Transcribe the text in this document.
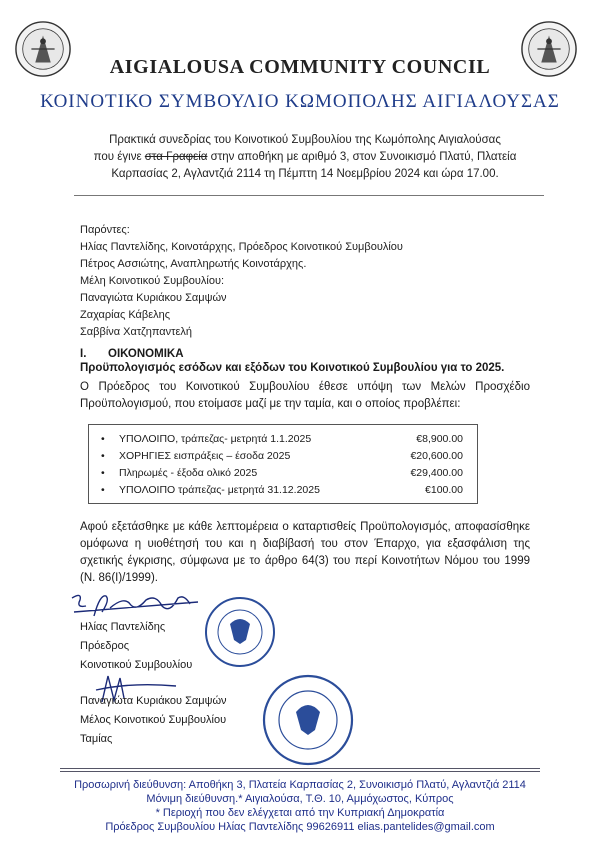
AIGIALOUSA COMMUNITY COUNCIL
ΚΟΙΝΟΤΙΚΟ ΣΥΜΒΟΥΛΙΟ ΚΩΜΟΠΟΛΗΣ ΑΙΓΙΑΛΟΥΣΑΣ
Πρακτικά συνεδρίας του Κοινοτικού Συμβουλίου της Κωμόπολης Αιγιαλούσας
που έγινε στα Γραφεία στην αποθήκη με αριθμό 3, στον Συνοικισμό Πλατύ, Πλατεία
Καρπασίας 2, Αγλαντζιά 2114 τη Πέμπτη 14 Νοεμβρίου 2024 και ώρα 17.00.
Παρόντες:
Ηλίας Παντελίδης, Κοινοτάρχης, Πρόεδρος Κοινοτικού Συμβουλίου
Πέτρος Ασσιώτης, Αναπληρωτής Κοινοτάρχης.
Μέλη Κοινοτικού Συμβουλίου:
Παναγιώτα Κυριάκου Σαμψών
Ζαχαρίας Κάβελης
Σαββίνα Χατζηπαντελή
I. ΟΙΚΟΝΟΜΙΚΑ
Προϋπολογισμός εσόδων και εξόδων του Κοινοτικού Συμβουλίου για το 2025.
Ο Πρόεδρος του Κοινοτικού Συμβουλίου έθεσε υπόψη των Μελών Προσχέδιο Προϋπολογισμού, που ετοίμασε μαζί με την ταμία, και ο οποίος προβλέπει:
• ΥΠΟΛΟΙΠΟ, τράπεζας- μετρητά 1.1.2025	€8,900.00
• ΧΟΡΗΓΙΕΣ εισπράξεις – έσοδα 2025	€20,600.00
• Πληρωμές - έξοδα ολικό 2025	€29,400.00
• ΥΠΟΛΟΙΠΟ τράπεζας- μετρητά 31.12.2025	€100.00
Αφού εξετάσθηκε με κάθε λεπτομέρεια ο καταρτισθείς Προϋπολογισμός, αποφασίσθηκε ομόφωνα η υιοθέτησή του και η διαβίβασή του στον Έπαρχο, για εξασφάλιση της σχετικής έγκρισης, σύμφωνα με το άρθρο 64(3) του περί Κοινοτήτων Νόμου του 1999 (Ν. 86(Ι)/1999).
Ηλίας Παντελίδης
Πρόεδρος
Κοινοτικού Συμβουλίου
Παναγιώτα Κυριάκου Σαμψών
Μέλος Κοινοτικού Συμβουλίου
Ταμίας
Προσωρινή διεύθυνση: Αποθήκη 3, Πλατεία Καρπασίας 2, Συνοικισμό Πλατύ, Αγλαντζιά 2114
Μόνιμη διεύθυνση.* Αιγιαλούσα, Τ.Θ. 10, Αμμόχωστος, Κύπρος
* Περιοχή που δεν ελέγχεται από την Κυπριακή Δημοκρατία
Πρόεδρος Συμβουλίου Ηλίας Παντελίδης 99626911 elias.pantelides@gmail.com
